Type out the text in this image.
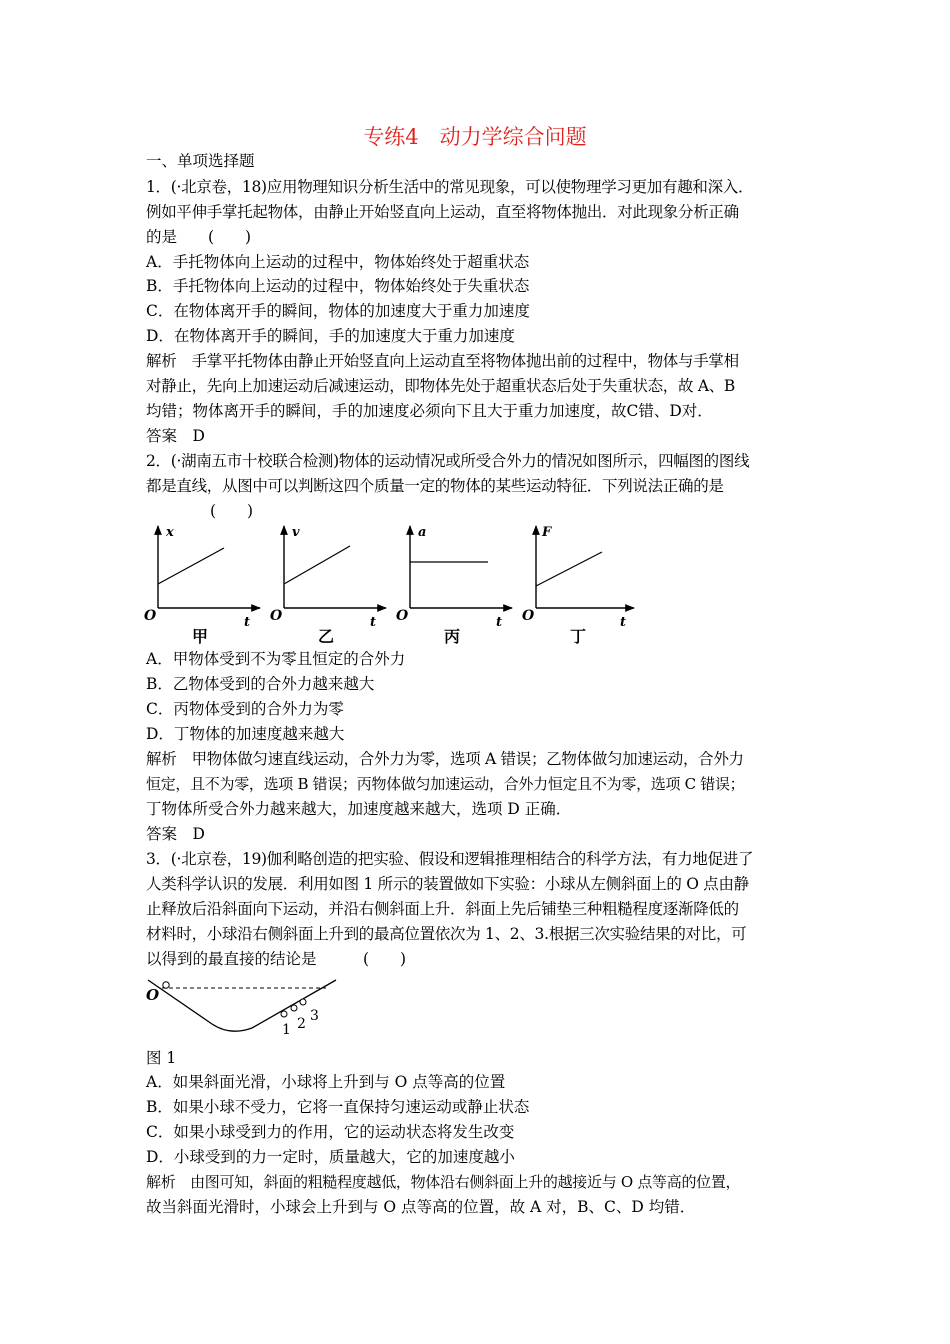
专练4　动力学综合问题
一、单项选择题
1．(·北京卷，18)应用物理知识分析生活中的常见现象，可以使物理学习更加有趣和深入．
例如平伸手掌托起物体，由静止开始竖直向上运动，直至将物体抛出．对此现象分析正确
的是　　(　　)
A．手托物体向上运动的过程中，物体始终处于超重状态
B．手托物体向上运动的过程中，物体始终处于失重状态
C．在物体离开手的瞬间，物体的加速度大于重力加速度
D．在物体离开手的瞬间，手的加速度大于重力加速度
解析　手掌平托物体由静止开始竖直向上运动直至将物体抛出前的过程中，物体与手掌相
对静止，先向上加速运动后减速运动，即物体先处于超重状态后处于失重状态，故 A、B
均错；物体离开手的瞬间，手的加速度必须向下且大于重力加速度，故C错、D对．
答案　D
2．(·湖南五市十校联合检测)物体的运动情况或所受合外力的情况如图所示，四幅图的图线
都是直线，从图中可以判断这四个质量一定的物体的某些运动特征．下列说法正确的是
(　　)
x
t
O
甲
v
t
O
乙
a
t
O
丙
F
t
O
丁
A．甲物体受到不为零且恒定的合外力
B．乙物体受到的合外力越来越大
C．丙物体受到的合外力为零
D．丁物体的加速度越来越大
解析　甲物体做匀速直线运动，合外力为零，选项 A 错误；乙物体做匀加速运动，合外力
恒定，且不为零，选项 B 错误；丙物体做匀加速运动，合外力恒定且不为零，选项 C 错误；
丁物体所受合外力越来越大，加速度越来越大，选项 D 正确．
答案　D
3．(·北京卷，19)伽利略创造的把实验、假设和逻辑推理相结合的科学方法，有力地促进了
人类科学认识的发展．利用如图 1 所示的装置做如下实验：小球从左侧斜面上的 O 点由静
止释放后沿斜面向下运动，并沿右侧斜面上升．斜面上先后铺垫三种粗糙程度逐渐降低的
材料时，小球沿右侧斜面上升到的最高位置依次为 1、2、3.根据三次实验结果的对比，可
以得到的最直接的结论是　　　(　　)
O
1 2 3
图 1
A．如果斜面光滑，小球将上升到与 O 点等高的位置
B．如果小球不受力，它将一直保持匀速运动或静止状态
C．如果小球受到力的作用，它的运动状态将发生改变
D．小球受到的力一定时，质量越大，它的加速度越小
解析　由图可知，斜面的粗糙程度越低，物体沿右侧斜面上升的越接近与 O 点等高的位置，
故当斜面光滑时，小球会上升到与 O 点等高的位置，故 A 对，B、C、D 均错．
